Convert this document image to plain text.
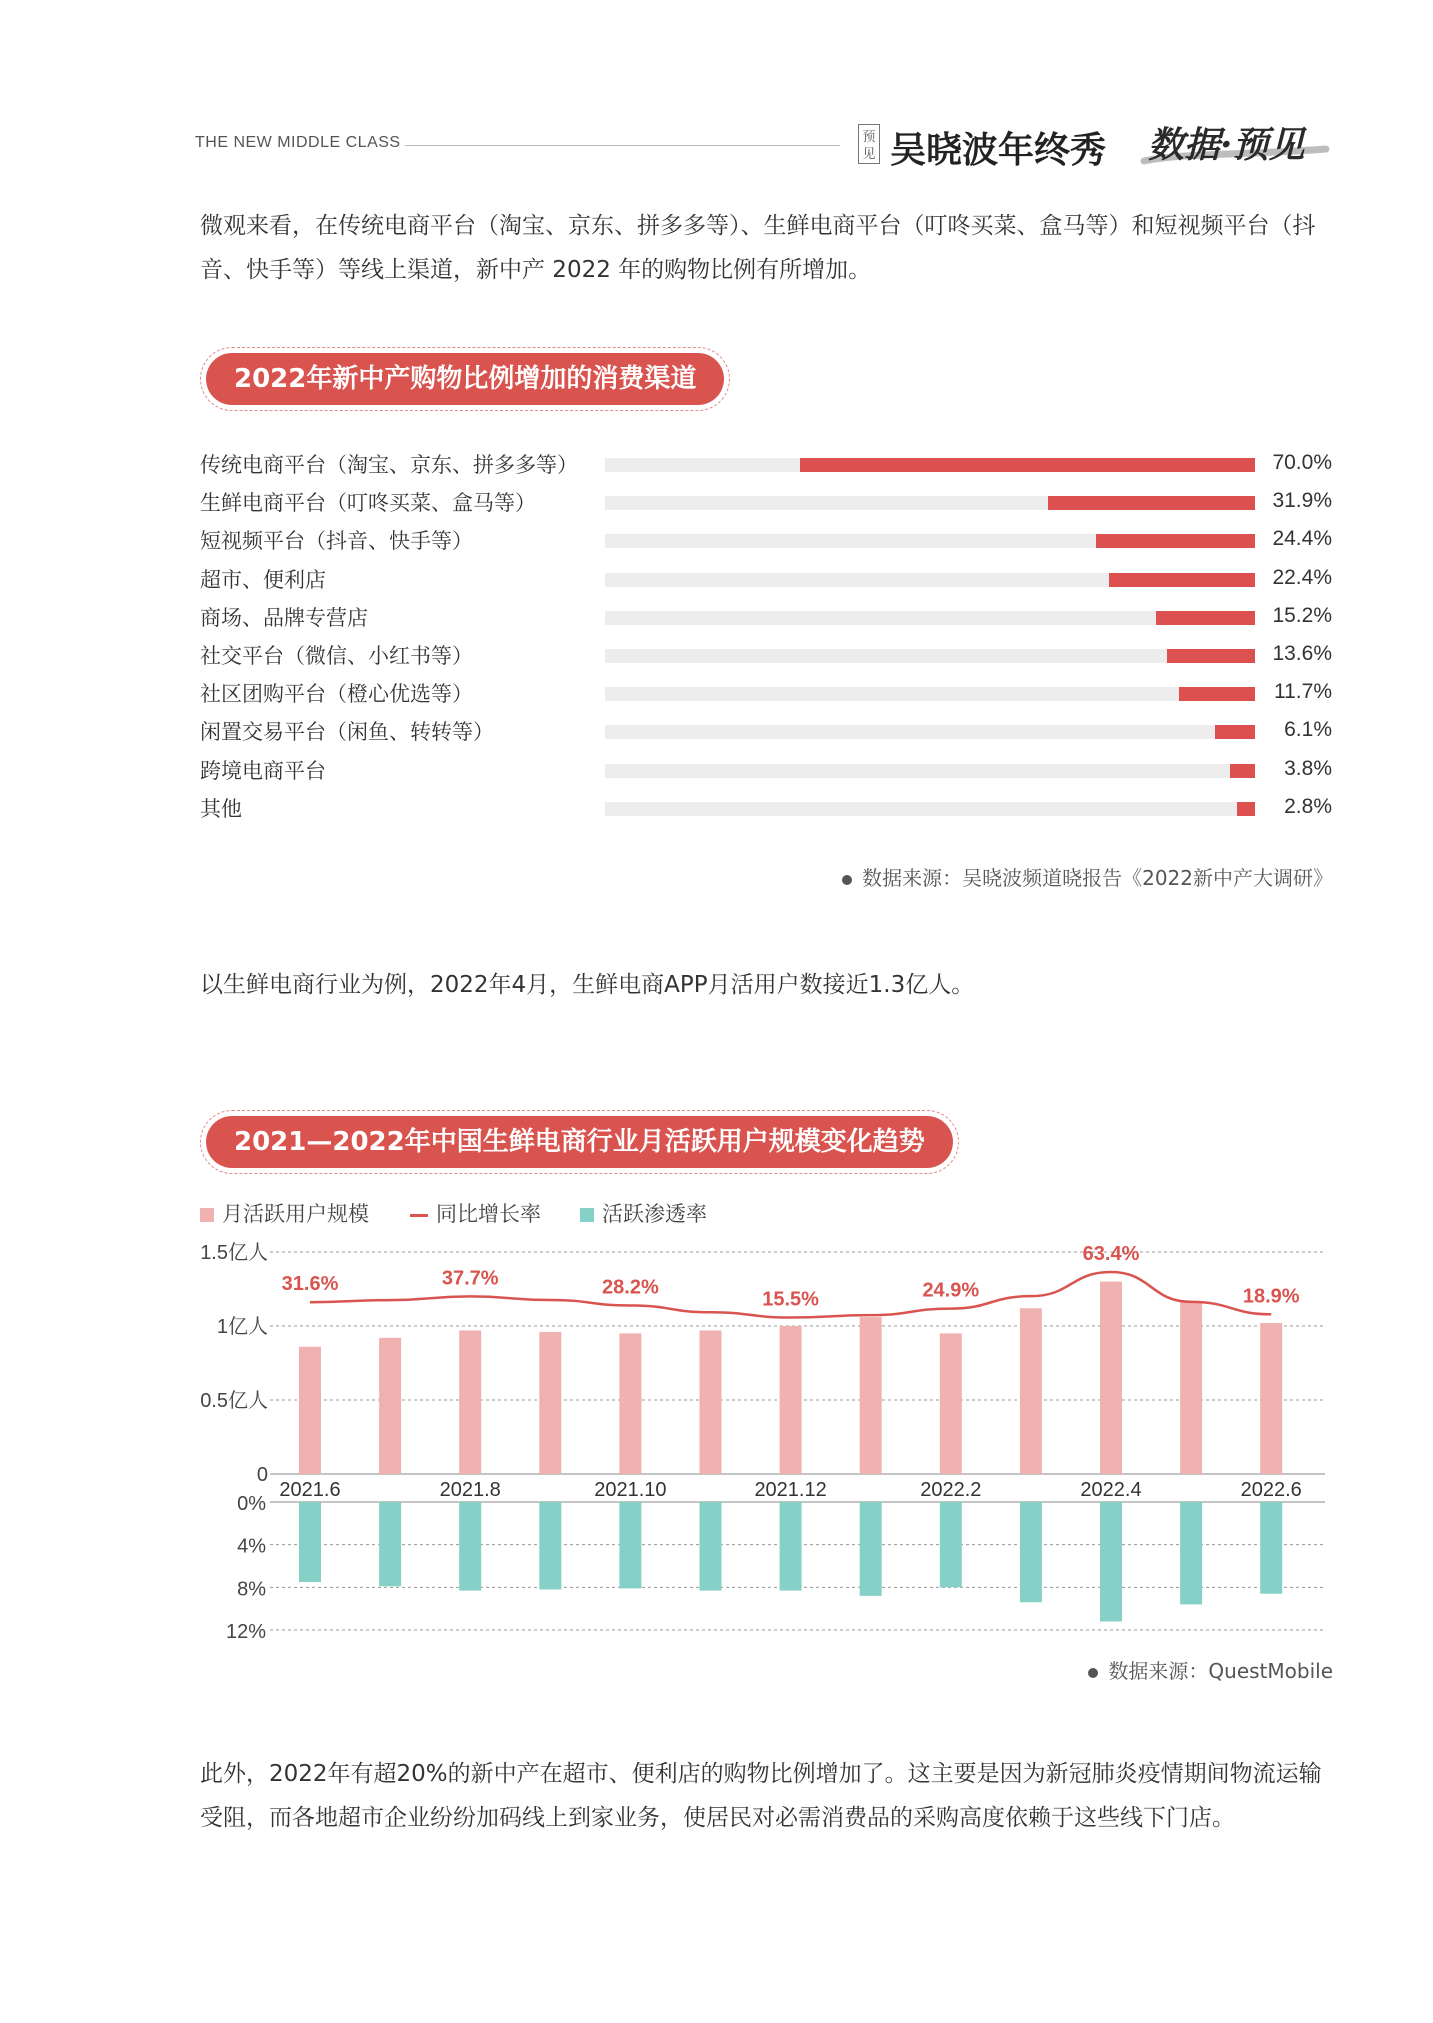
THE NEW MIDDLE CLASS	预
见 吴晓波年终秀 数据·预见
微观来看，在传统电商平台（淘宝、京东、拼多多等）、生鲜电商平台（叮咚买菜、盒马等）和短视频平台（抖音、快手等）等线上渠道，新中产 2022 年的购物比例有所增加。
2022年新中产购物比例增加的消费渠道
传统电商平台（淘宝、京东、拼多多等）	70.0%
生鲜电商平台（叮咚买菜、盒马等）	31.9%
短视频平台（抖音、快手等）	24.4%
超市、便利店	22.4%
商场、品牌专营店	15.2%
社交平台（微信、小红书等）	13.6%
社区团购平台（橙心优选等）	11.7%
闲置交易平台（闲鱼、转转等）	6.1%
跨境电商平台	3.8%
其他	2.8%
数据来源：吴晓波频道晓报告《2022新中产大调研》
以生鲜电商行业为例，2022年4月，生鲜电商APP月活用户数接近1.3亿人。
2021—2022年中国生鲜电商行业月活跃用户规模变化趋势
月活跃用户规模	同比增长率	活跃渗透率
1.5亿人
1亿人
0.5亿人
0
31.6%	37.7%	28.2%
15.5%	24.9%
63.4%
18.9%
2021.6	2021.8	2021.10	2021.12	2022.2	2022.4	2022.6
0%
4%
8%
12%
数据来源：QuestMobile
此外，2022年有超20%的新中产在超市、便利店的购物比例增加了。这主要是因为新冠肺炎疫情期间物流运输受阻，而各地超市企业纷纷加码线上到家业务，使居民对必需消费品的采购高度依赖于这些线下门店。
